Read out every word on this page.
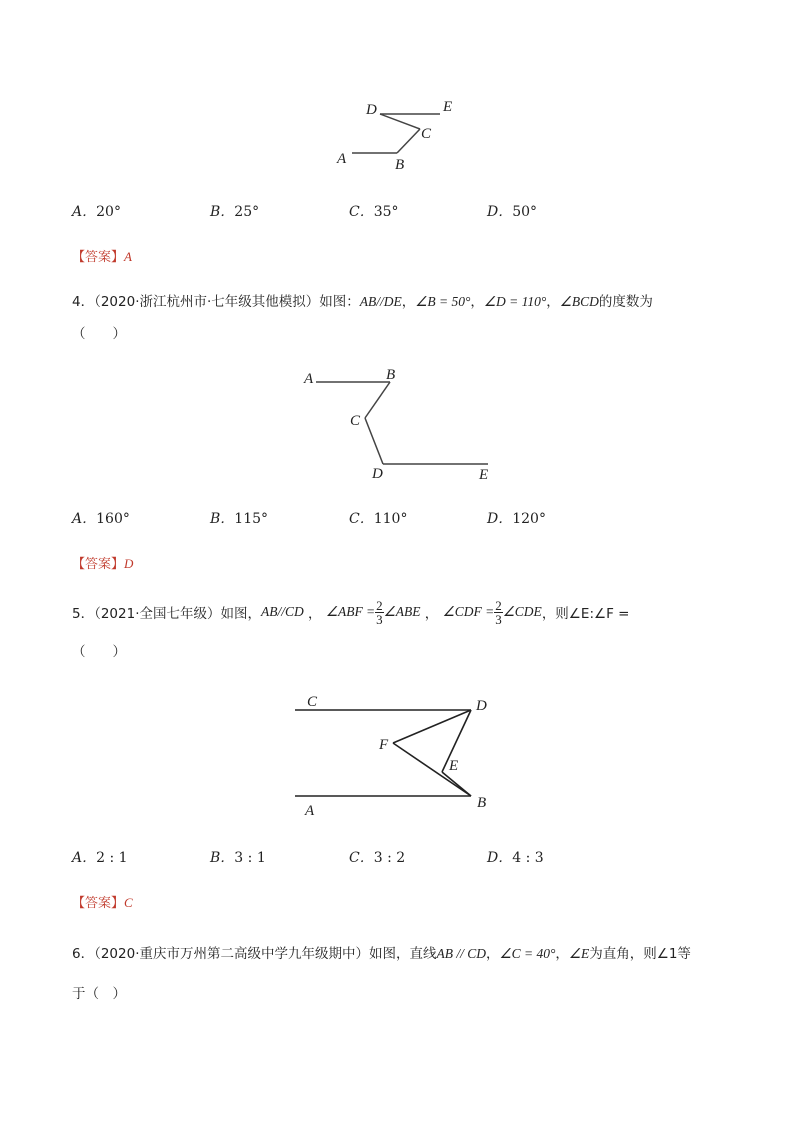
D	E
C
A	B
A．20°	B．25°	C．35°	D．50°
【答案】A
4．（2020·浙江杭州市·七年级其他模拟）如图：AB//DE，∠B = 50°，∠D = 110°，∠BCD的度数为
（　　）
A	B
C
D	E
A．160°	B．115°	C．110°	D．120°
【答案】D
5．（2021·全国七年级）如图， AB//CD ， ∠ABF = $\frac{2}{3}$ ∠ABE ， ∠CDF = $\frac{2}{3}$ ∠CDE ，则∠E:∠F =
（　　）
C	D
F
E
A	B
A．2 : 1	B．3 : 1	C．3 : 2	D．4 : 3
【答案】C
6．（2020·重庆市万州第二高级中学九年级期中）如图，直线AB // CD，∠C = 40°，∠E为直角，则∠1等
于（　）
